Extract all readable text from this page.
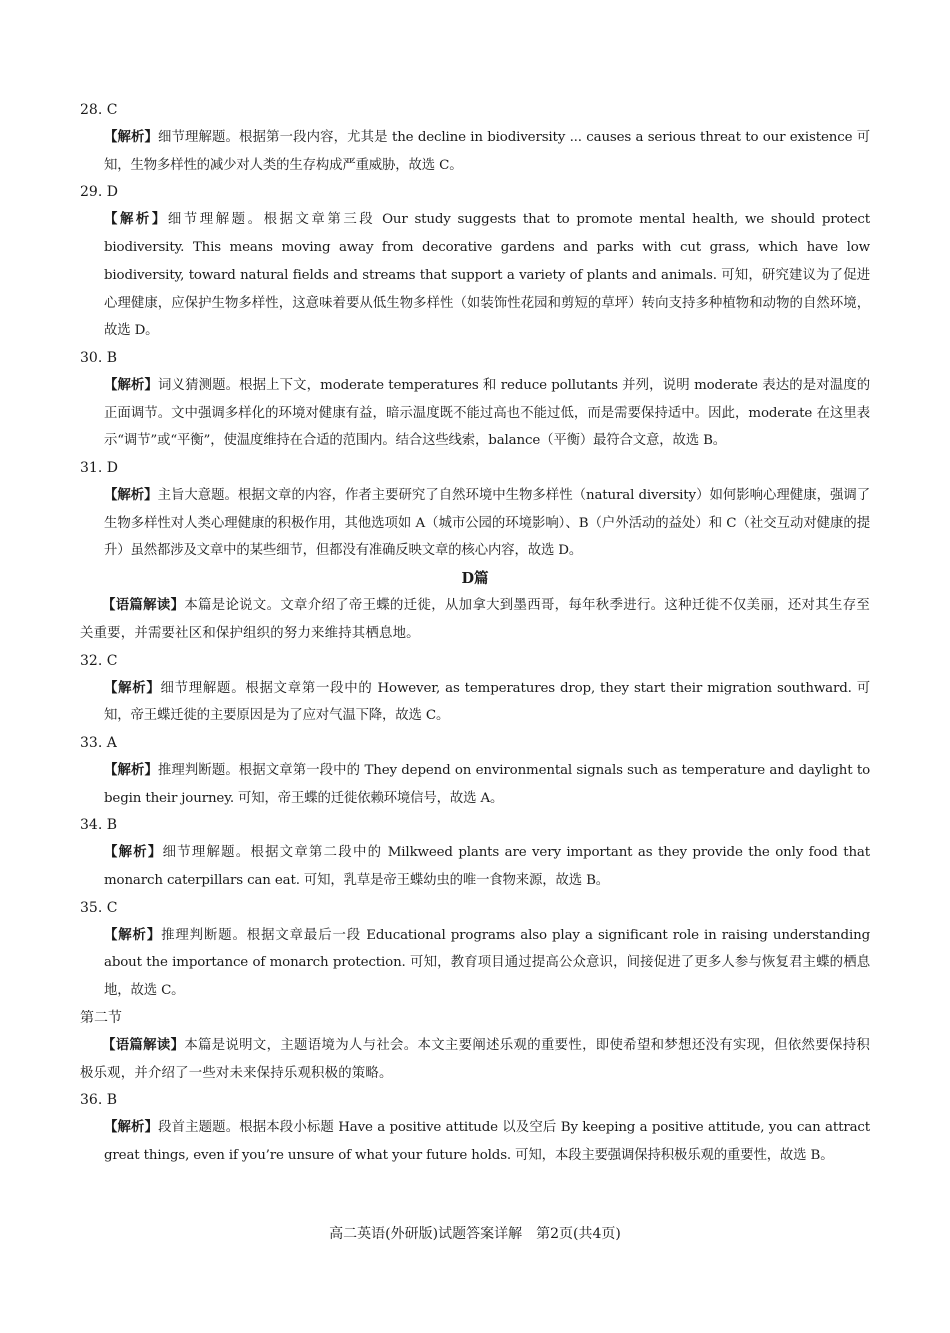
28. C

【解析】细节理解题。根据第一段内容，尤其是 the decline in biodiversity ... causes a serious threat to our existence 可知，生物多样性的减少对人类的生存构成严重威胁，故选 C。

29. D

【解析】细节理解题。根据文章第三段 Our study suggests that to promote mental health, we should protect biodiversity. This means moving away from decorative gardens and parks with cut grass, which have low biodiversity, toward natural fields and streams that support a variety of plants and animals. 可知，研究建议为了促进心理健康，应保护生物多样性，这意味着要从低生物多样性（如装饰性花园和剪短的草坪）转向支持多种植物和动物的自然环境，故选 D。

30. B

【解析】词义猜测题。根据上下文，moderate temperatures 和 reduce pollutants 并列，说明 moderate 表达的是对温度的正面调节。文中强调多样化的环境对健康有益，暗示温度既不能过高也不能过低，而是需要保持适中。因此，moderate 在这里表示“调节”或“平衡”，使温度维持在合适的范围内。结合这些线索，balance（平衡）最符合文意，故选 B。

31. D

【解析】主旨大意题。根据文章的内容，作者主要研究了自然环境中生物多样性（natural diversity）如何影响心理健康，强调了生物多样性对人类心理健康的积极作用，其他选项如 A（城市公园的环境影响）、B（户外活动的益处）和 C（社交互动对健康的提升）虽然都涉及文章中的某些细节，但都没有准确反映文章的核心内容，故选 D。

D篇

【语篇解读】本篇是论说文。文章介绍了帝王蝶的迁徙，从加拿大到墨西哥，每年秋季进行。这种迁徙不仅美丽，还对其生存至关重要，并需要社区和保护组织的努力来维持其栖息地。

32. C

【解析】细节理解题。根据文章第一段中的 However, as temperatures drop, they start their migration southward. 可知，帝王蝶迁徙的主要原因是为了应对气温下降，故选 C。

33. A

【解析】推理判断题。根据文章第一段中的 They depend on environmental signals such as temperature and daylight to begin their journey. 可知，帝王蝶的迁徙依赖环境信号，故选 A。

34. B

【解析】细节理解题。根据文章第二段中的 Milkweed plants are very important as they provide the only food that monarch caterpillars can eat. 可知，乳草是帝王蝶幼虫的唯一食物来源，故选 B。

35. C

【解析】推理判断题。根据文章最后一段 Educational programs also play a significant role in raising understanding about the importance of monarch protection. 可知，教育项目通过提高公众意识，间接促进了更多人参与恢复君主蝶的栖息地，故选 C。

第二节

【语篇解读】本篇是说明文，主题语境为人与社会。本文主要阐述乐观的重要性，即使希望和梦想还没有实现，但依然要保持积极乐观，并介绍了一些对未来保持乐观积极的策略。

36. B

【解析】段首主题题。根据本段小标题 Have a positive attitude 以及空后 By keeping a positive attitude, you can attract great things, even if you’re unsure of what your future holds. 可知，本段主要强调保持积极乐观的重要性，故选 B。

高二英语(外研版)试题答案详解　第2页(共4页)
